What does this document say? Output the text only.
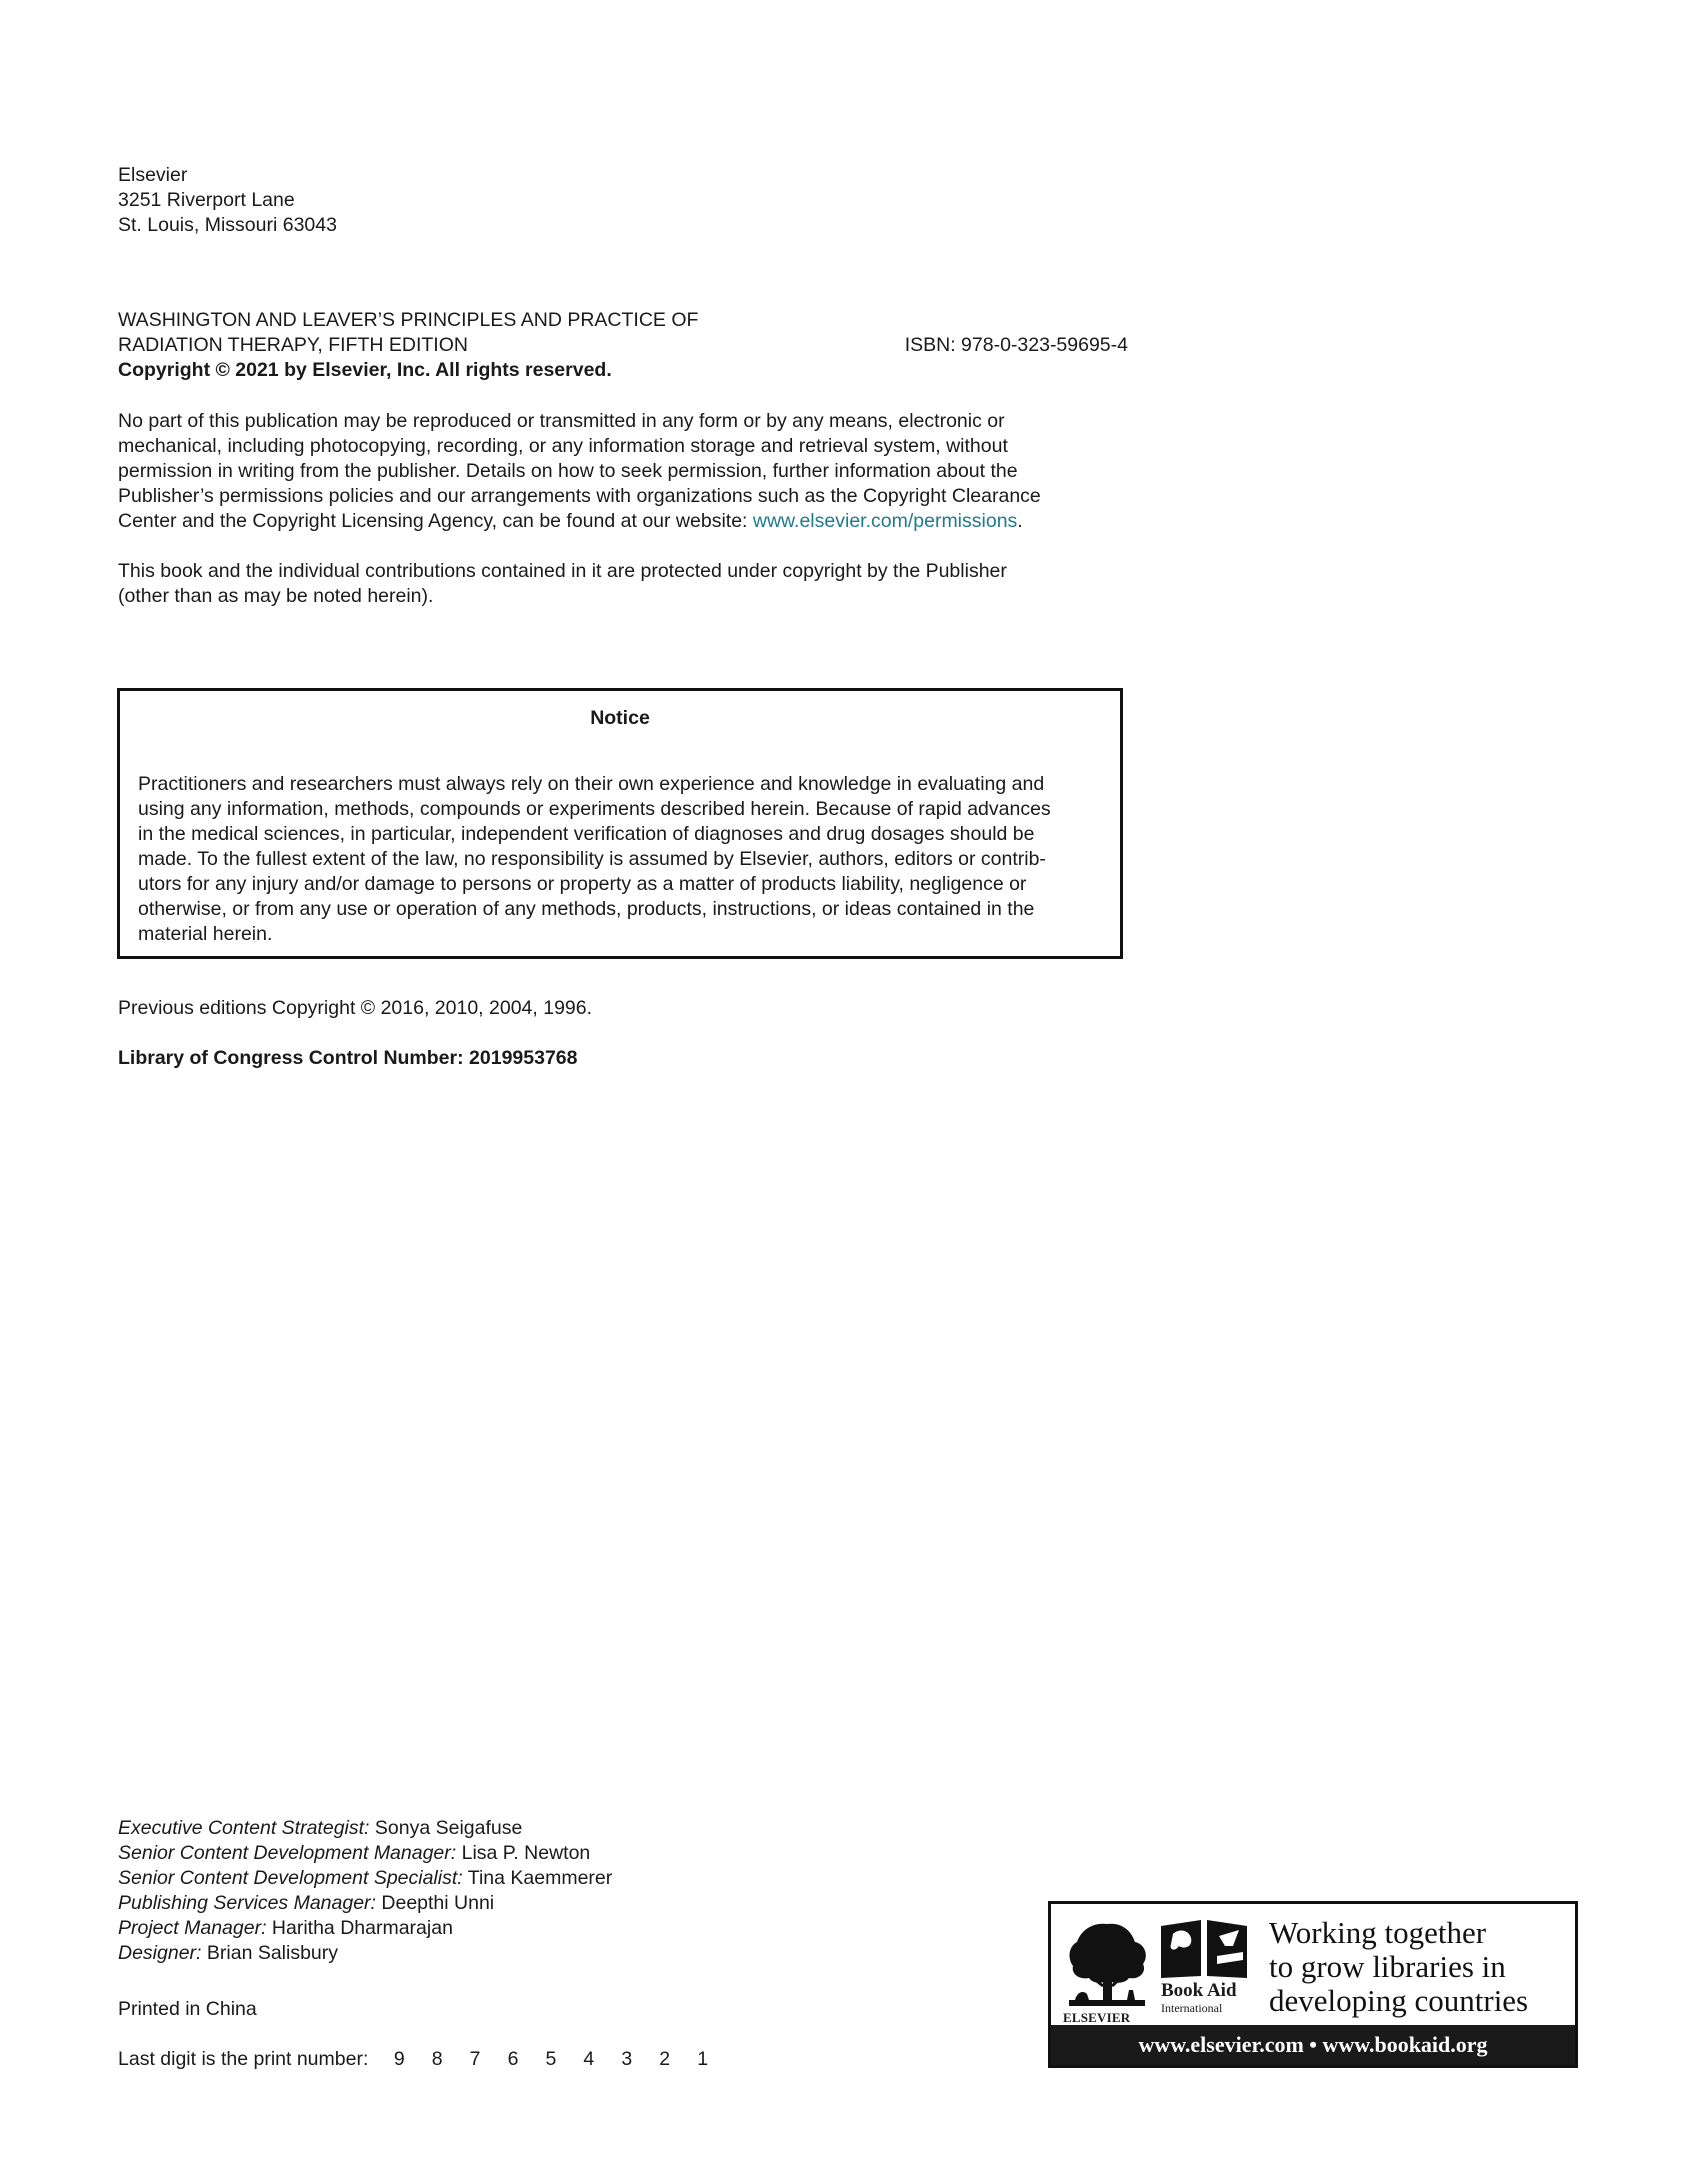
Elsevier
3251 Riverport Lane
St. Louis, Missouri 63043
WASHINGTON AND LEAVER’S PRINCIPLES AND PRACTICE OF
RADIATION THERAPY, FIFTH EDITION
Copyright © 2021 by Elsevier, Inc. All rights reserved.
ISBN: 978-0-323-59695-4
No part of this publication may be reproduced or transmitted in any form or by any means, electronic or
mechanical, including photocopying, recording, or any information storage and retrieval system, without
permission in writing from the publisher. Details on how to seek permission, further information about the
Publisher’s permissions policies and our arrangements with organizations such as the Copyright Clearance
Center and the Copyright Licensing Agency, can be found at our website: www.elsevier.com/permissions.
This book and the individual contributions contained in it are protected under copyright by the Publisher
(other than as may be noted herein).
Notice
Practitioners and researchers must always rely on their own experience and knowledge in evaluating and
using any information, methods, compounds or experiments described herein. Because of rapid advances
in the medical sciences, in particular, independent verification of diagnoses and drug dosages should be
made. To the fullest extent of the law, no responsibility is assumed by Elsevier, authors, editors or contrib-
utors for any injury and/or damage to persons or property as a matter of products liability, negligence or
otherwise, or from any use or operation of any methods, products, instructions, or ideas contained in the
material herein.
Previous editions Copyright © 2016, 2010, 2004, 1996.
Library of Congress Control Number: 2019953768
Executive Content Strategist: Sonya Seigafuse
Senior Content Development Manager: Lisa P. Newton
Senior Content Development Specialist: Tina Kaemmerer
Publishing Services Manager: Deepthi Unni
Project Manager: Haritha Dharmarajan
Designer: Brian Salisbury
Printed in China
Last digit is the print number: 9 8 7 6 5 4 3 2 1
ELSEVIER
Book Aid
International
Working together
to grow libraries in
developing countries
www.elsevier.com • www.bookaid.org
